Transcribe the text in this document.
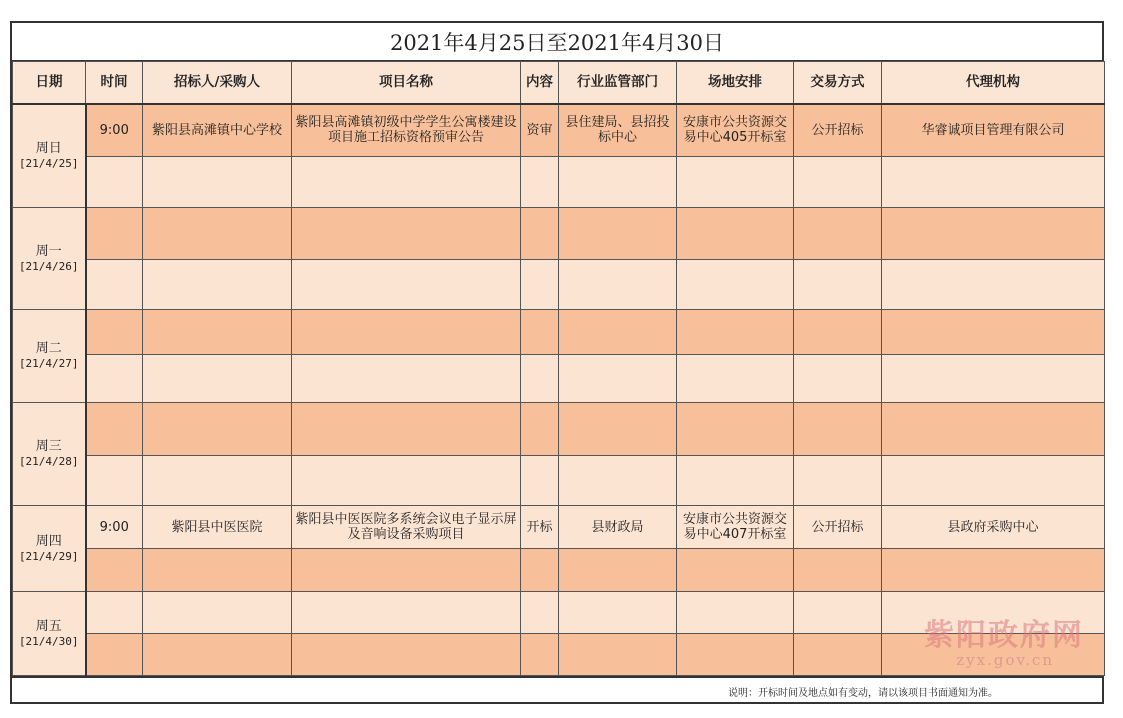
2021年4月25日至2021年4月30日
日期	时间	招标人/采购人	项目名称	内容	行业监管部门	场地安排	交易方式	代理机构

周日
[21/4/25]	9:00	紫阳县高滩镇中心学校	紫阳县高滩镇初级中学学生公寓楼建设项目施工招标资格预审公告	资审	县住建局、县招投标中心	安康市公共资源交易中心405开标室	公开招标	华睿诚项目管理有限公司

周一
[21/4/26]								

周二
[21/4/27]								

周三
[21/4/28]								

周四
[21/4/29]	9:00	紫阳县中医医院	紫阳县中医医院多系统会议电子显示屏及音响设备采购项目	开标	县财政局	安康市公共资源交易中心407开标室	公开招标	县政府采购中心

周五
[21/4/30]								

说明：开标时间及地点如有变动，请以该项目书面通知为准。
紫阳政府网
zyx.gov.cn
